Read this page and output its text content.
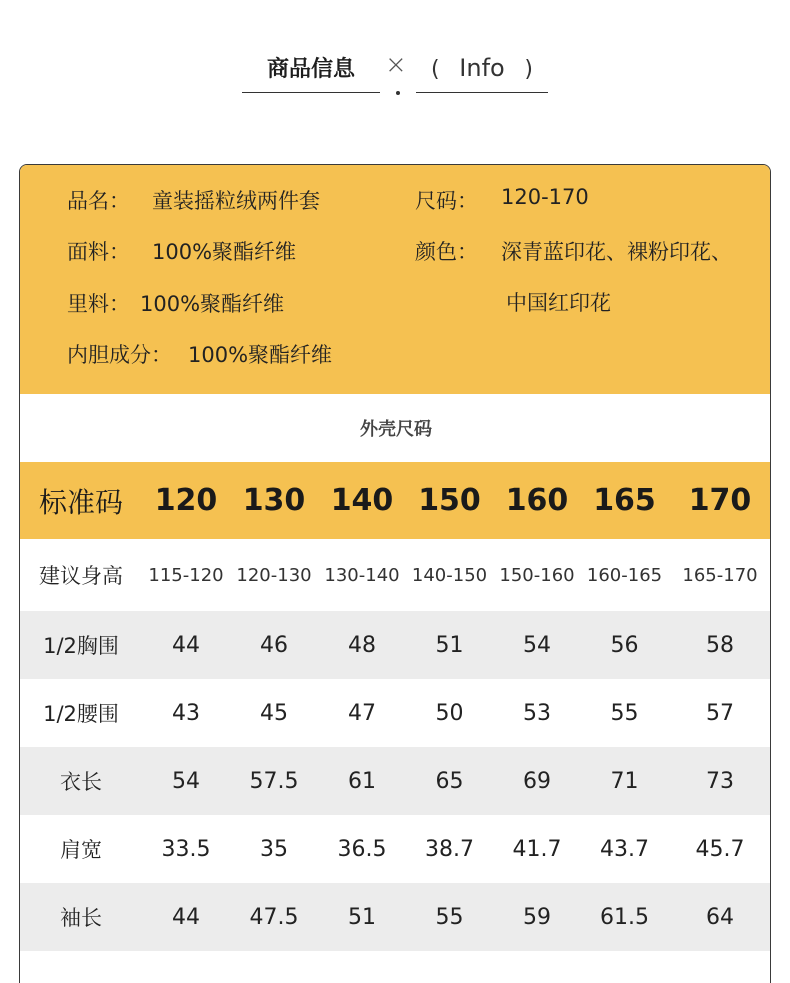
商品信息	×	( Info )
品名： 童装摇粒绒两件套
面料： 100%聚酯纤维
里料： 100%聚酯纤维
内胆成分： 100%聚酯纤维
尺码： 120-170
颜色： 深青蓝印花、裸粉印花、
中国红印花
外壳尺码
标准码	120	130	140	150	160	165	170
建议身高	115-120	120-130	130-140	140-150	150-160	160-165	165-170
1/2胸围	44	46	48	51	54	56	58
1/2腰围	43	45	47	50	53	55	57
衣长	54	57.5	61	65	69	71	73
肩宽	33.5	35	36.5	38.7	41.7	43.7	45.7
袖长	44	47.5	51	55	59	61.5	64
